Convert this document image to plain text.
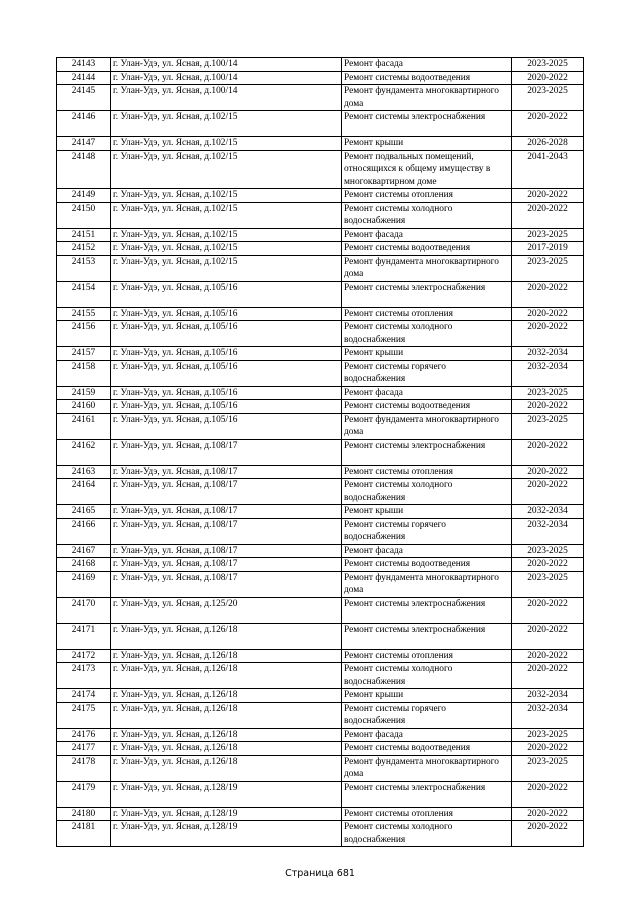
24143	г. Улан-Удэ, ул. Ясная, д.100/14	Ремонт фасада	2023-2025
24144	г. Улан-Удэ, ул. Ясная, д.100/14	Ремонт системы водоотведения	2020-2022
24145	г. Улан-Удэ, ул. Ясная, д.100/14	Ремонт фундамента многоквартирного дома	2023-2025
24146	г. Улан-Удэ, ул. Ясная, д.102/15	Ремонт системы электроснабжения	2020-2022
24147	г. Улан-Удэ, ул. Ясная, д.102/15	Ремонт крыши	2026-2028
24148	г. Улан-Удэ, ул. Ясная, д.102/15	Ремонт подвальных помещений, относящихся к общему имуществу в многоквартирном доме	2041-2043
24149	г. Улан-Удэ, ул. Ясная, д.102/15	Ремонт системы отопления	2020-2022
24150	г. Улан-Удэ, ул. Ясная, д.102/15	Ремонт системы холодного водоснабжения	2020-2022
24151	г. Улан-Удэ, ул. Ясная, д.102/15	Ремонт фасада	2023-2025
24152	г. Улан-Удэ, ул. Ясная, д.102/15	Ремонт системы водоотведения	2017-2019
24153	г. Улан-Удэ, ул. Ясная, д.102/15	Ремонт фундамента многоквартирного дома	2023-2025
24154	г. Улан-Удэ, ул. Ясная, д.105/16	Ремонт системы электроснабжения	2020-2022
24155	г. Улан-Удэ, ул. Ясная, д.105/16	Ремонт системы отопления	2020-2022
24156	г. Улан-Удэ, ул. Ясная, д.105/16	Ремонт системы холодного водоснабжения	2020-2022
24157	г. Улан-Удэ, ул. Ясная, д.105/16	Ремонт крыши	2032-2034
24158	г. Улан-Удэ, ул. Ясная, д.105/16	Ремонт системы горячего водоснабжения	2032-2034
24159	г. Улан-Удэ, ул. Ясная, д.105/16	Ремонт фасада	2023-2025
24160	г. Улан-Удэ, ул. Ясная, д.105/16	Ремонт системы водоотведения	2020-2022
24161	г. Улан-Удэ, ул. Ясная, д.105/16	Ремонт фундамента многоквартирного дома	2023-2025
24162	г. Улан-Удэ, ул. Ясная, д.108/17	Ремонт системы электроснабжения	2020-2022
24163	г. Улан-Удэ, ул. Ясная, д.108/17	Ремонт системы отопления	2020-2022
24164	г. Улан-Удэ, ул. Ясная, д.108/17	Ремонт системы холодного водоснабжения	2020-2022
24165	г. Улан-Удэ, ул. Ясная, д.108/17	Ремонт крыши	2032-2034
24166	г. Улан-Удэ, ул. Ясная, д.108/17	Ремонт системы горячего водоснабжения	2032-2034
24167	г. Улан-Удэ, ул. Ясная, д.108/17	Ремонт фасада	2023-2025
24168	г. Улан-Удэ, ул. Ясная, д.108/17	Ремонт системы водоотведения	2020-2022
24169	г. Улан-Удэ, ул. Ясная, д.108/17	Ремонт фундамента многоквартирного дома	2023-2025
24170	г. Улан-Удэ, ул. Ясная, д.125/20	Ремонт системы электроснабжения	2020-2022
24171	г. Улан-Удэ, ул. Ясная, д.126/18	Ремонт системы электроснабжения	2020-2022
24172	г. Улан-Удэ, ул. Ясная, д.126/18	Ремонт системы отопления	2020-2022
24173	г. Улан-Удэ, ул. Ясная, д.126/18	Ремонт системы холодного водоснабжения	2020-2022
24174	г. Улан-Удэ, ул. Ясная, д.126/18	Ремонт крыши	2032-2034
24175	г. Улан-Удэ, ул. Ясная, д.126/18	Ремонт системы горячего водоснабжения	2032-2034
24176	г. Улан-Удэ, ул. Ясная, д.126/18	Ремонт фасада	2023-2025
24177	г. Улан-Удэ, ул. Ясная, д.126/18	Ремонт системы водоотведения	2020-2022
24178	г. Улан-Удэ, ул. Ясная, д.126/18	Ремонт фундамента многоквартирного дома	2023-2025
24179	г. Улан-Удэ, ул. Ясная, д.128/19	Ремонт системы электроснабжения	2020-2022
24180	г. Улан-Удэ, ул. Ясная, д.128/19	Ремонт системы отопления	2020-2022
24181	г. Улан-Удэ, ул. Ясная, д.128/19	Ремонт системы холодного водоснабжения	2020-2022
Страница 681
